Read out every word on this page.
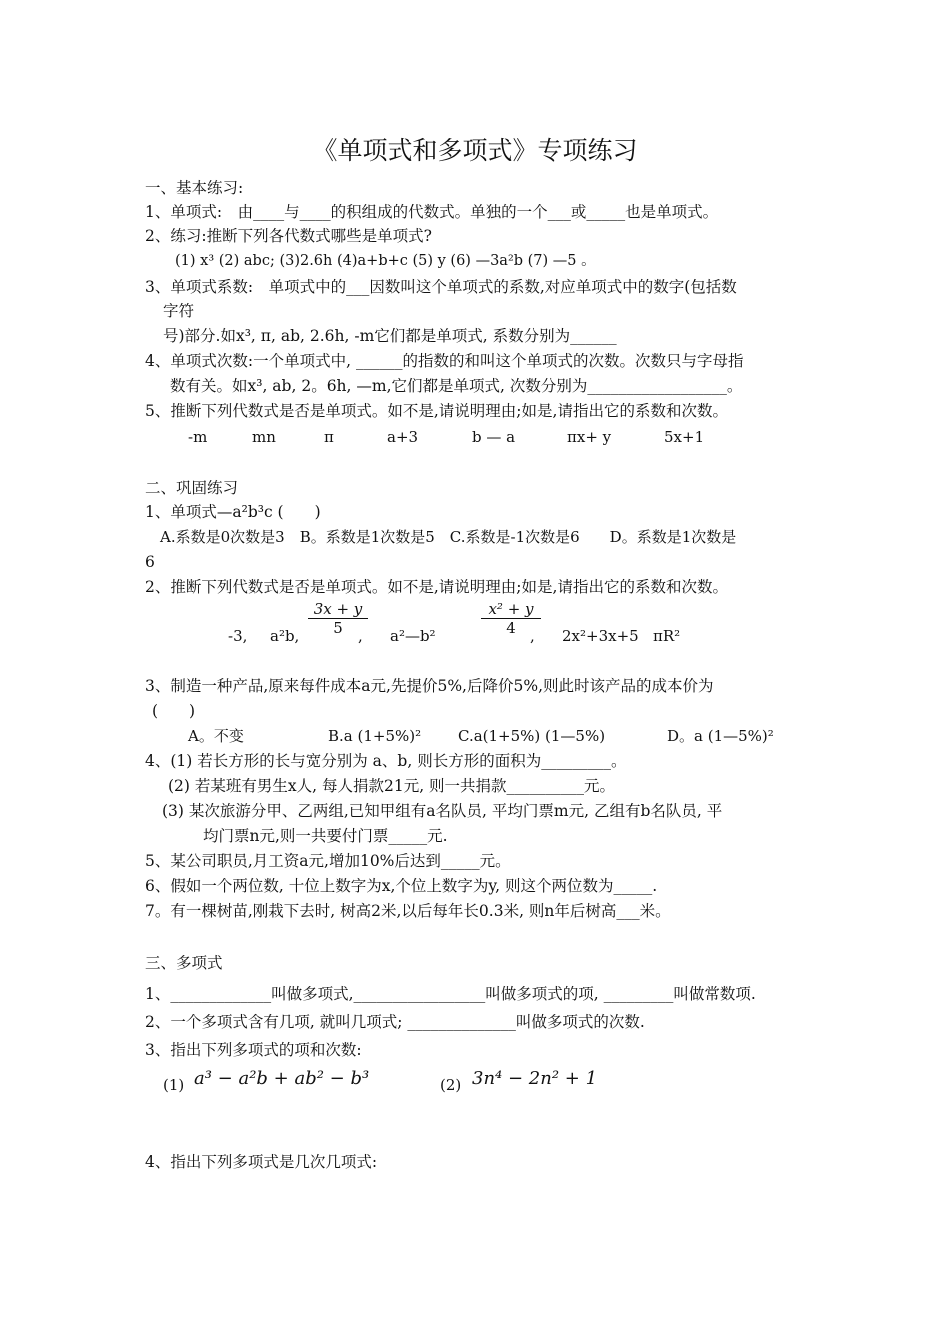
《单项式和多项式》专项练习
一、基本练习:
1、单项式:　由____与____的积组成的代数式。单独的一个___或_____也是单项式。
2、练习:推断下列各代数式哪些是单项式?
(1) x³ (2) abc; (3)2.6h (4)a+b+c (5) y (6) —3a²b (7) —5 。
3、单项式系数:　单项式中的___因数叫这个单项式的系数,对应单项式中的数字(包括数
字符
号)部分.如x³, π, ab, 2.6h, -m它们都是单项式, 系数分别为______
4、单项式次数:一个单项式中, ______的指数的和叫这个单项式的次数。次数只与字母指
数有关。如x³, ab, 2。6h, —m,它们都是单项式, 次数分别为__________________。
5、推断下列代数式是否是单项式。如不是,请说明理由;如是,请指出它的系数和次数。
-m	mn	π	a+3	b — a	πx+ y	5x+1
二、巩固练习
1、单项式—a²b³c (　　)
A.系数是0次数是3　B。系数是1次数是5　C.系数是-1次数是6　　D。系数是1次数是
6
2、推断下列代数式是否是单项式。如不是,请说明理由;如是,请指出它的系数和次数。
3x + y
5
x² + y
4
-3, a²b,	, a²—b²	, 2x²+3x+5 πR²
3、制造一种产品,原来每件成本a元,先提价5%,后降价5%,则此时该产品的成本价为
(　　)
A。不变	B.a (1+5%)² C.a(1+5%) (1—5%)	D。a (1—5%)²
4、(1) 若长方形的长与宽分别为 a、b, 则长方形的面积为_________。
(2) 若某班有男生x人, 每人捐款21元, 则一共捐款__________元。
(3) 某次旅游分甲、乙两组,已知甲组有a名队员, 平均门票m元, 乙组有b名队员, 平
均门票n元,则一共要付门票_____元.
5、某公司职员,月工资a元,增加10%后达到_____元。
6、假如一个两位数, 十位上数字为x,个位上数字为y, 则这个两位数为_____.
7。有一棵树苗,刚栽下去时, 树高2米,以后每年长0.3米, 则n年后树高___米。
三、多项式
1、_____________叫做多项式,_________________叫做多项式的项, _________叫做常数项.
2、一个多项式含有几项, 就叫几项式; ______________叫做多项式的次数.
3、指出下列多项式的项和次数:
(1) a³ − a²b + ab² − b³	(2) 3n⁴ − 2n² + 1
4、指出下列多项式是几次几项式:
